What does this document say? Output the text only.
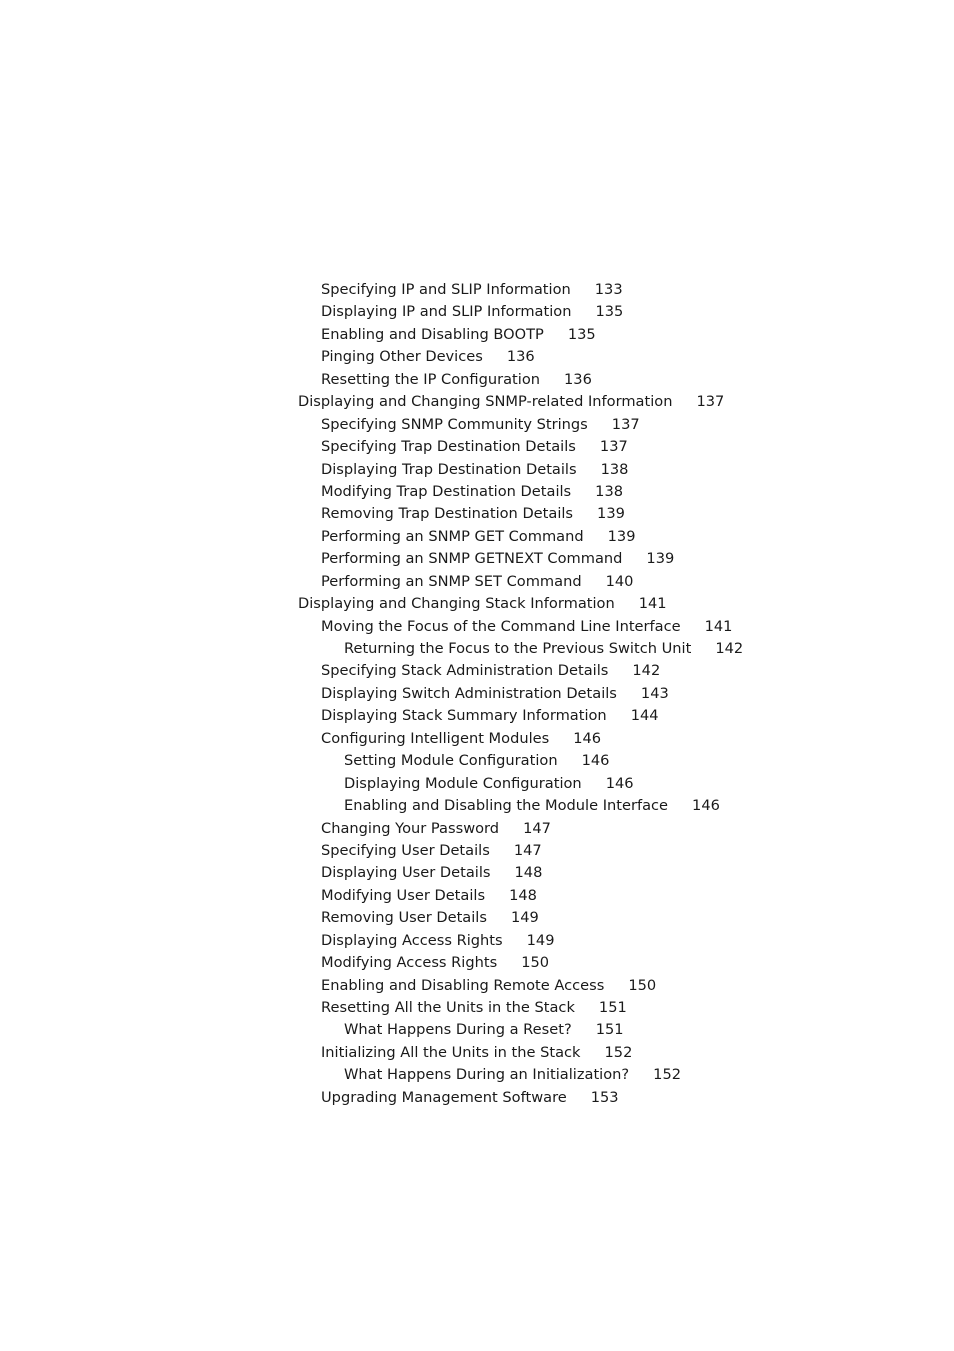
Specifying IP and SLIP Information 133
Displaying IP and SLIP Information 135
Enabling and Disabling BOOTP 135
Pinging Other Devices 136
Resetting the IP Configuration 136
Displaying and Changing SNMP-related Information 137
Specifying SNMP Community Strings 137
Specifying Trap Destination Details 137
Displaying Trap Destination Details 138
Modifying Trap Destination Details 138
Removing Trap Destination Details 139
Performing an SNMP GET Command 139
Performing an SNMP GETNEXT Command 139
Performing an SNMP SET Command 140
Displaying and Changing Stack Information 141
Moving the Focus of the Command Line Interface 141
Returning the Focus to the Previous Switch Unit 142
Specifying Stack Administration Details 142
Displaying Switch Administration Details 143
Displaying Stack Summary Information 144
Configuring Intelligent Modules 146
Setting Module Configuration 146
Displaying Module Configuration 146
Enabling and Disabling the Module Interface 146
Changing Your Password 147
Specifying User Details 147
Displaying User Details 148
Modifying User Details 148
Removing User Details 149
Displaying Access Rights 149
Modifying Access Rights 150
Enabling and Disabling Remote Access 150
Resetting All the Units in the Stack 151
What Happens During a Reset? 151
Initializing All the Units in the Stack 152
What Happens During an Initialization? 152
Upgrading Management Software 153
